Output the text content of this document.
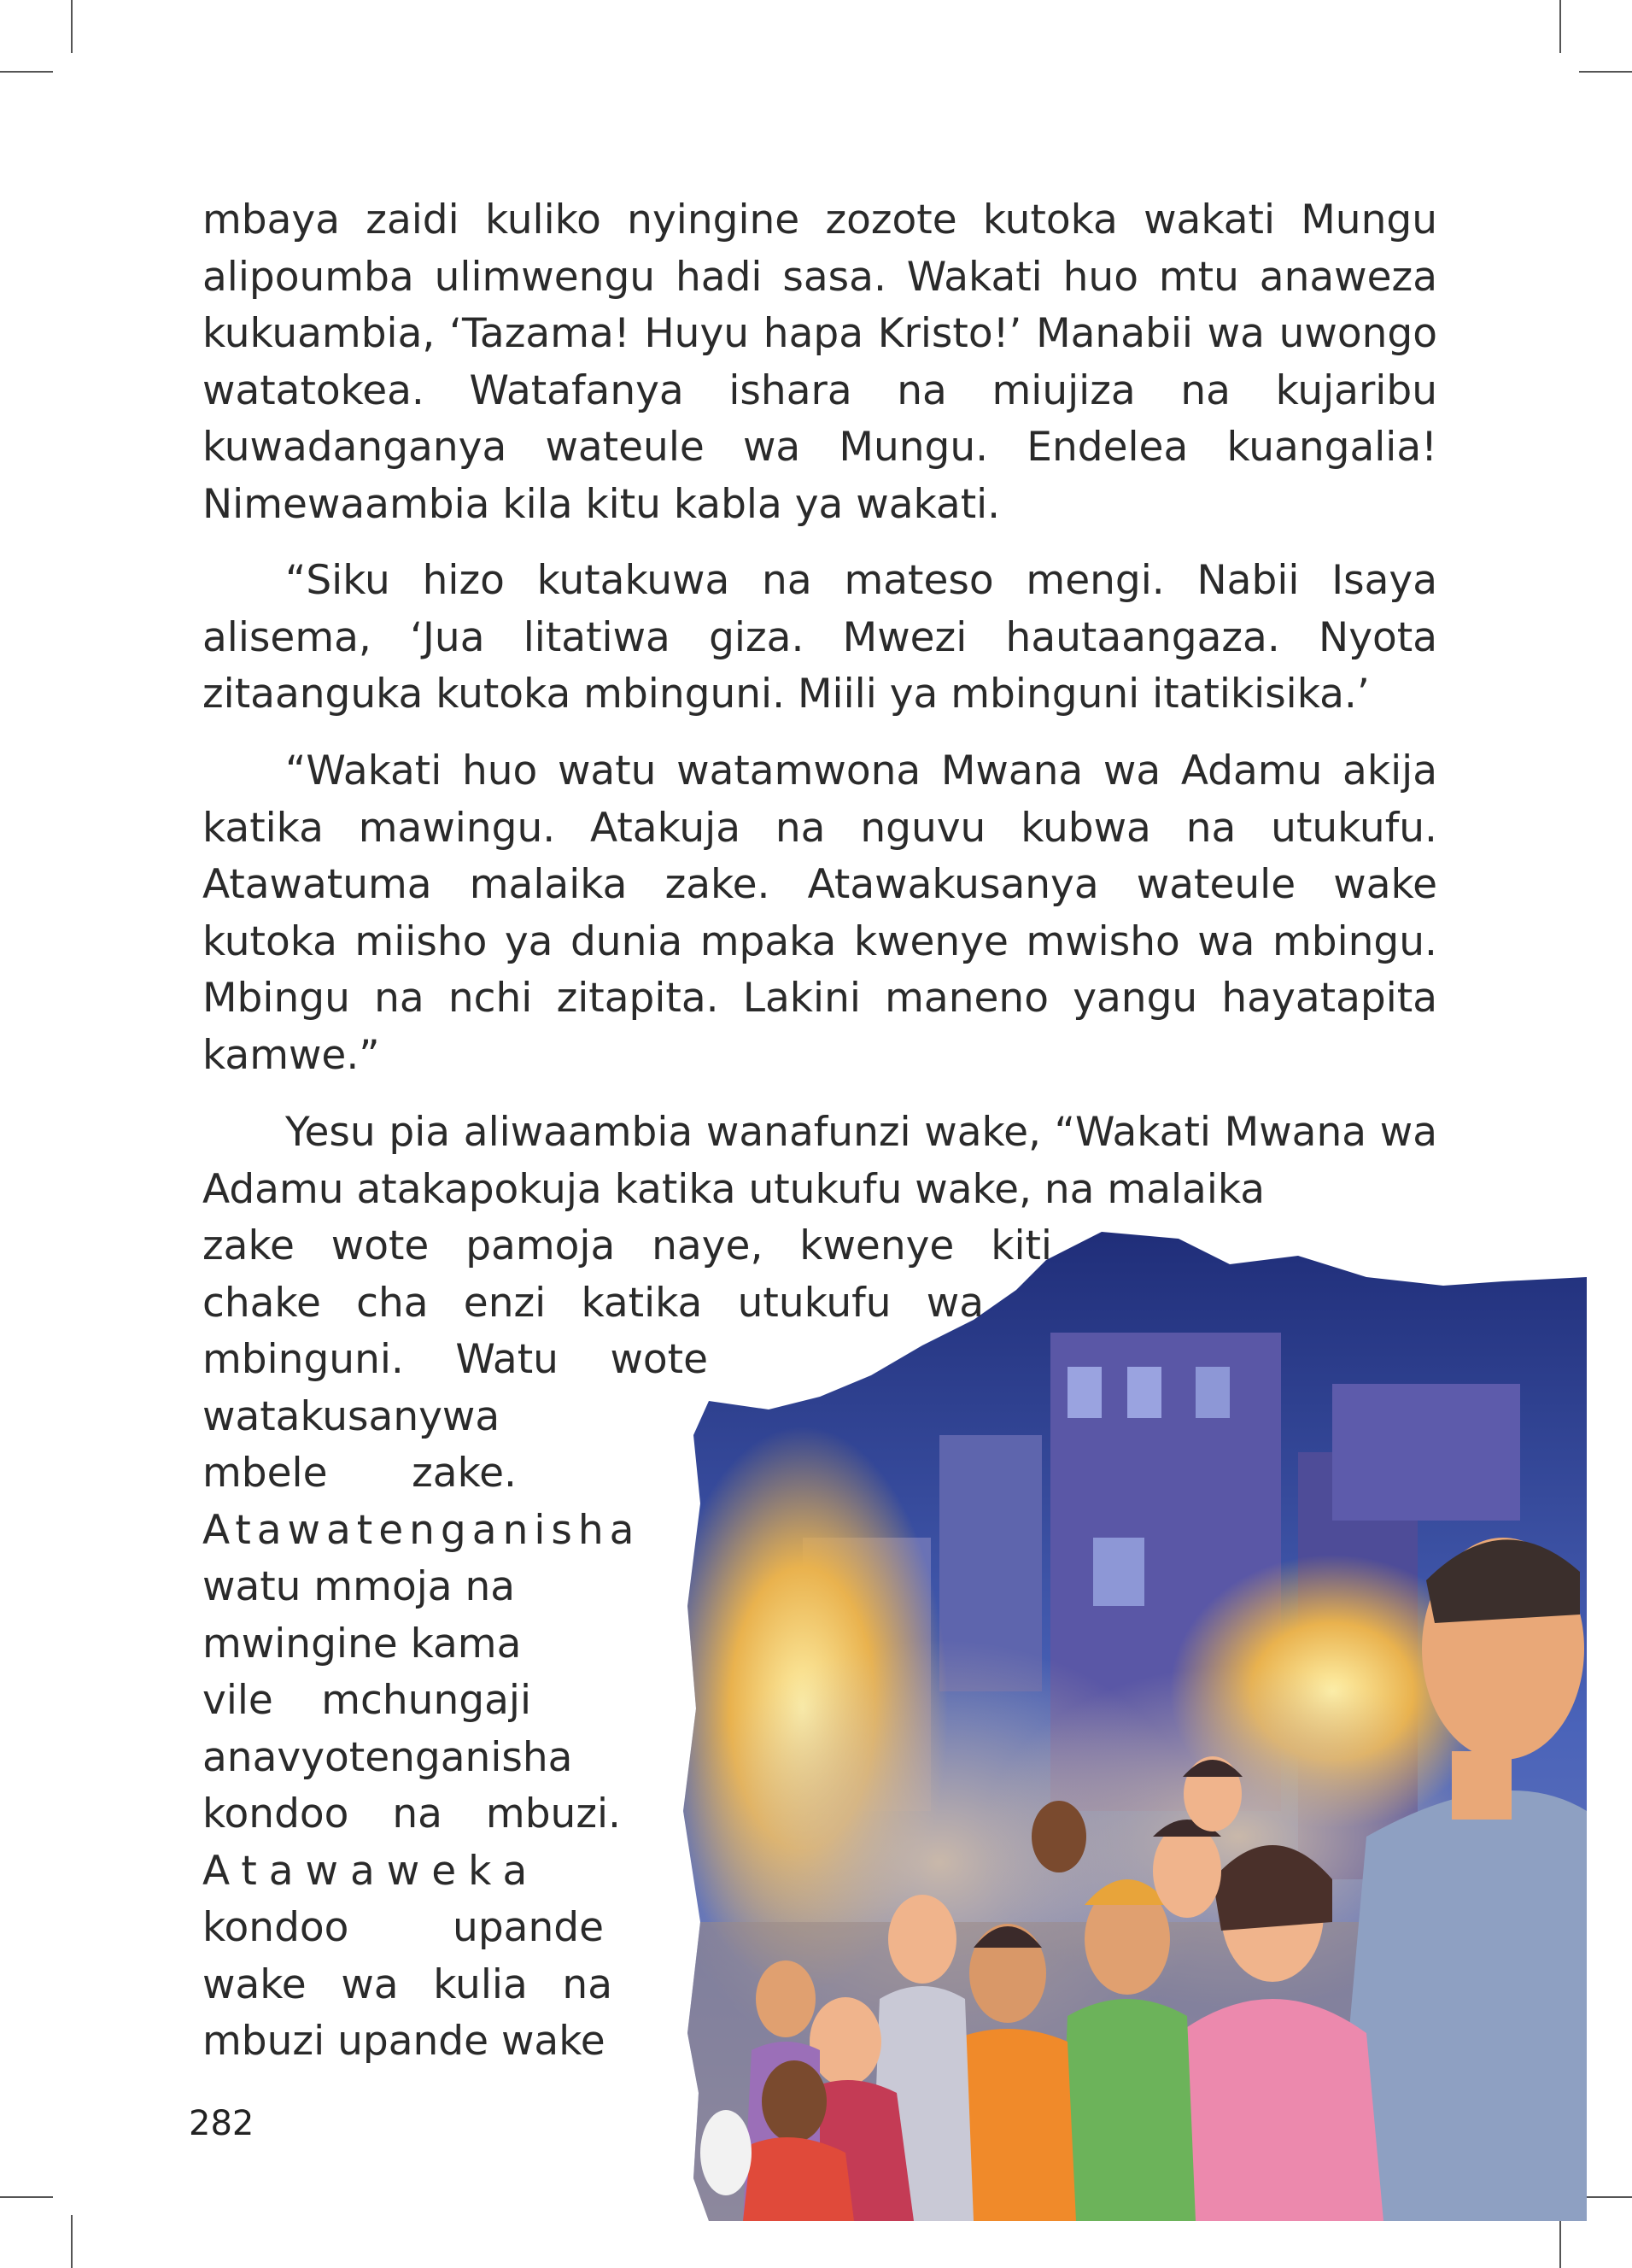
mbaya zaidi kuliko nyingine zozote kutoka wakati Mungu alipoumba ulimwengu hadi sasa. Wakati huo mtu anaweza kukuambia, ‘Tazama! Huyu hapa Kristo!’ Manabii wa uwongo watatokea. Watafanya ishara na miujiza na kujaribu kuwadanganya wateule wa Mungu. Endelea kuangalia! Nimewaambia kila kitu kabla ya wakati.

“Siku hizo kutakuwa na mateso mengi. Nabii Isaya alisema, ‘Jua litatiwa giza. Mwezi hautaangaza. Nyota zitaanguka kutoka mbinguni. Miili ya mbinguni itatikisika.’

“Wakati huo watu watamwona Mwana wa Adamu akija katika mawingu. Atakuja na nguvu kubwa na utukufu. Atawatuma malaika zake. Atawakusanya wateule wake kutoka miisho ya dunia mpaka kwenye mwisho wa mbingu. Mbingu na nchi zitapita. Lakini maneno yangu hayatapita kamwe.”

Yesu pia aliwaambia wanafunzi wake, “Wakati Mwana wa Adamu atakapokuja katika utukufu wake, na malaika

zake wote pamoja naye, kwenye kiti
chake cha enzi katika utukufu wa
mbinguni. Watu wote
watakusanywa
mbele zake.
Atawatenganisha
watu mmoja na
mwingine kama
vile mchungaji
anavyotenganisha
kondoo na mbuzi.
Atawaweka
kondoo upande
wake wa kulia na
mbuzi upande wake
282
